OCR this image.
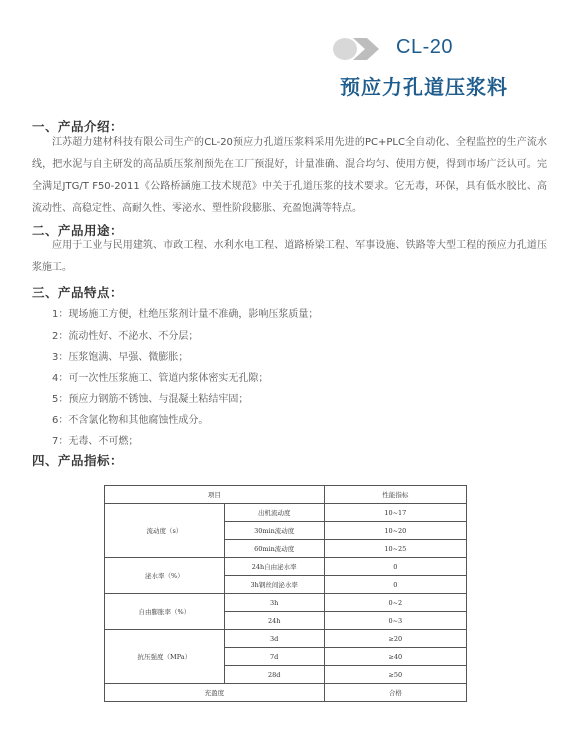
CL-20
预应力孔道压浆料
一、产品介绍：
江苏超力建材科技有限公司生产的CL-20预应力孔道压浆料采用先进的PC+PLC全自动化、全程监控的生产流水线，把水泥与自主研发的高品质压浆剂预先在工厂预混好，计量准确、混合均匀、使用方便，得到市场广泛认可。完全满足JTG/T F50-2011《公路桥涵施工技术规范》中关于孔道压浆的技术要求。它无毒，环保，具有低水胶比、高流动性、高稳定性、高耐久性、零泌水、塑性阶段膨胀、充盈饱满等特点。
二、产品用途：
应用于工业与民用建筑、市政工程、水利水电工程、道路桥梁工程、军事设施、铁路等大型工程的预应力孔道压浆施工。
三、产品特点：
1：现场施工方便，杜绝压浆剂计量不准确，影响压浆质量；
2：流动性好、不泌水、不分层；
3：压浆饱满、早强、微膨胀；
4：可一次性压浆施工、管道内浆体密实无孔隙；
5：预应力钢筋不锈蚀、与混凝土粘结牢固；
6：不含氯化物和其他腐蚀性成分。
7：无毒、不可燃；
四、产品指标：
项目		性能指标
流动度（s）	出机流动度	10~17
	30min流动度	10~20
	60min流动度	10~25
泌水率（%）	24h自由泌水率	0
	3h钢丝间泌水率	0
自由膨胀率（%）	3h	0~2
	24h	0~3
抗压强度（MPa）	3d	≥20
	7d	≥40
	28d	≥50
充盈度		合格
